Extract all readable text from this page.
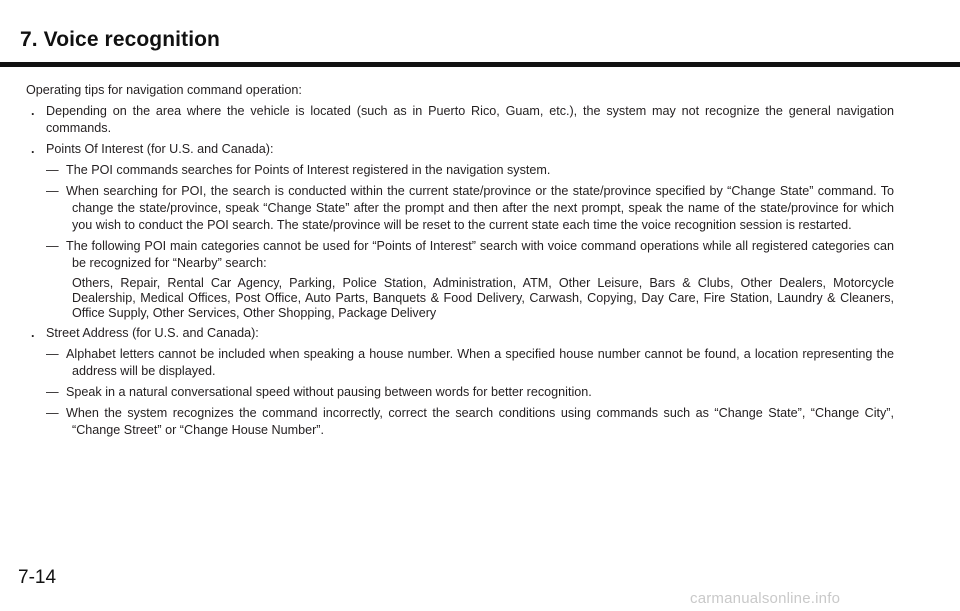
7. Voice recognition

Operating tips for navigation command operation:

. Depending on the area where the vehicle is located (such as in Puerto Rico, Guam, etc.), the system may not recognize the general navigation commands.
. Points Of Interest (for U.S. and Canada):
— The POI commands searches for Points of Interest registered in the navigation system.
— When searching for POI, the search is conducted within the current state/province or the state/province specified by “Change State” command. To change the state/province, speak “Change State” after the prompt and then after the next prompt, speak the name of the state/province for which you wish to conduct the POI search. The state/province will be reset to the current state each time the voice recognition session is restarted.
— The following POI main categories cannot be used for “Points of Interest” search with voice command operations while all registered categories can be recognized for “Nearby” search:

Others, Repair, Rental Car Agency, Parking, Police Station, Administration, ATM, Other Leisure, Bars & Clubs, Other Dealers, Motorcycle Dealership, Medical Offices, Post Office, Auto Parts, Banquets & Food Delivery, Carwash, Copying, Day Care, Fire Station, Laundry & Cleaners, Office Supply, Other Services, Other Shopping, Package Delivery

. Street Address (for U.S. and Canada):
— Alphabet letters cannot be included when speaking a house number. When a specified house number cannot be found, a location representing the address will be displayed.
— Speak in a natural conversational speed without pausing between words for better recognition.
— When the system recognizes the command incorrectly, correct the search conditions using commands such as “Change State”, “Change City”, “Change Street” or “Change House Number”.
7-14
carmanualsonline.info
